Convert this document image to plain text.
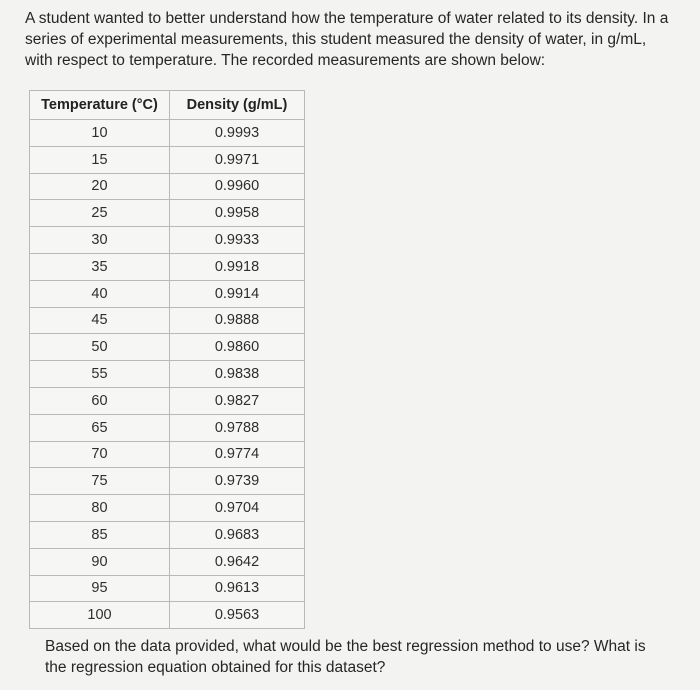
A student wanted to better understand how the temperature of water related to its density. In a series of experimental measurements, this student measured the density of water, in g/mL, with respect to temperature. The recorded measurements are shown below:
Temperature (°C)	Density (g/mL)
10	0.9993
15	0.9971
20	0.9960
25	0.9958
30	0.9933
35	0.9918
40	0.9914
45	0.9888
50	0.9860
55	0.9838
60	0.9827
65	0.9788
70	0.9774
75	0.9739
80	0.9704
85	0.9683
90	0.9642
95	0.9613
100	0.9563
Based on the data provided, what would be the best regression method to use? What is the regression equation obtained for this dataset?
